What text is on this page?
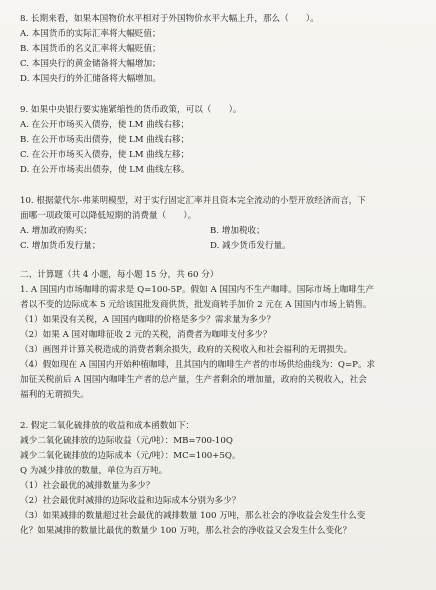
8. 长期来看，如果本国物价水平相对于外国物价水平大幅上升，那么（　　）。
A. 本国货币的实际汇率将大幅贬值；
B. 本国货币的名义汇率将大幅贬值；
C. 本国央行的黄金储备将大幅增加；
D. 本国央行的外汇储备将大幅增加。
9. 如果中央银行要实施紧缩性的货币政策，可以（　　）。
A. 在公开市场买入债券，使 LM 曲线右移；
B. 在公开市场卖出债券，使 LM 曲线右移；
C. 在公开市场买入债券，使 LM 曲线左移；
D. 在公开市场卖出债券，使 LM 曲线左移。
10. 根据蒙代尔-弗莱明模型，对于实行固定汇率并且资本完全流动的小型开放经济而言，下
面哪一项政策可以降低短期的消费量（　　）。
A. 增加政府购买；	B. 增加税收；
C. 增加货币发行量；	D. 减少货币发行量。
二、计算题（共 4 小题，每小题 15 分，共 60 分）
1. A 国国内市场咖啡的需求是 Q=100-5P。假如 A 国国内不生产咖啡。国际市场上咖啡生产
者以不变的边际成本 5 元给该国批发商供货，批发商转手加价 2 元在 A 国国内市场上销售。
（1）如果没有关税，A 国国内咖啡的价格是多少？需求量为多少？
（2）如果 A 国对咖啡征收 2 元的关税，消费者为咖啡支付多少？
（3）画图并计算关税造成的消费者剩余损失，政府的关税收入和社会福利的无谓损失。
（4）假如现在 A 国国内开始种植咖啡，且其国内的咖啡生产者的市场供给曲线为：Q=P。求
加征关税前后 A 国国内咖啡生产者的总产量，生产者剩余的增加量，政府的关税收入，社会
福利的无谓损失。
2. 假定二氧化硫排放的收益和成本函数如下：
减少二氧化硫排放的边际收益（元/吨）：MB=700-10Q
减少二氧化硫排放的边际成本（元/吨）：MC=100+5Q。
Q 为减少排放的数量，单位为百万吨。
（1）社会最优的减排数量为多少？
（2）社会最优时减排的边际收益和边际成本分别为多少？
（3）如果减排的数量超过社会最优的减排数量 100 万吨，那么社会的净收益会发生什么变
化？如果减排的数量比最优的数量少 100 万吨，那么社会的净收益又会发生什么变化？
